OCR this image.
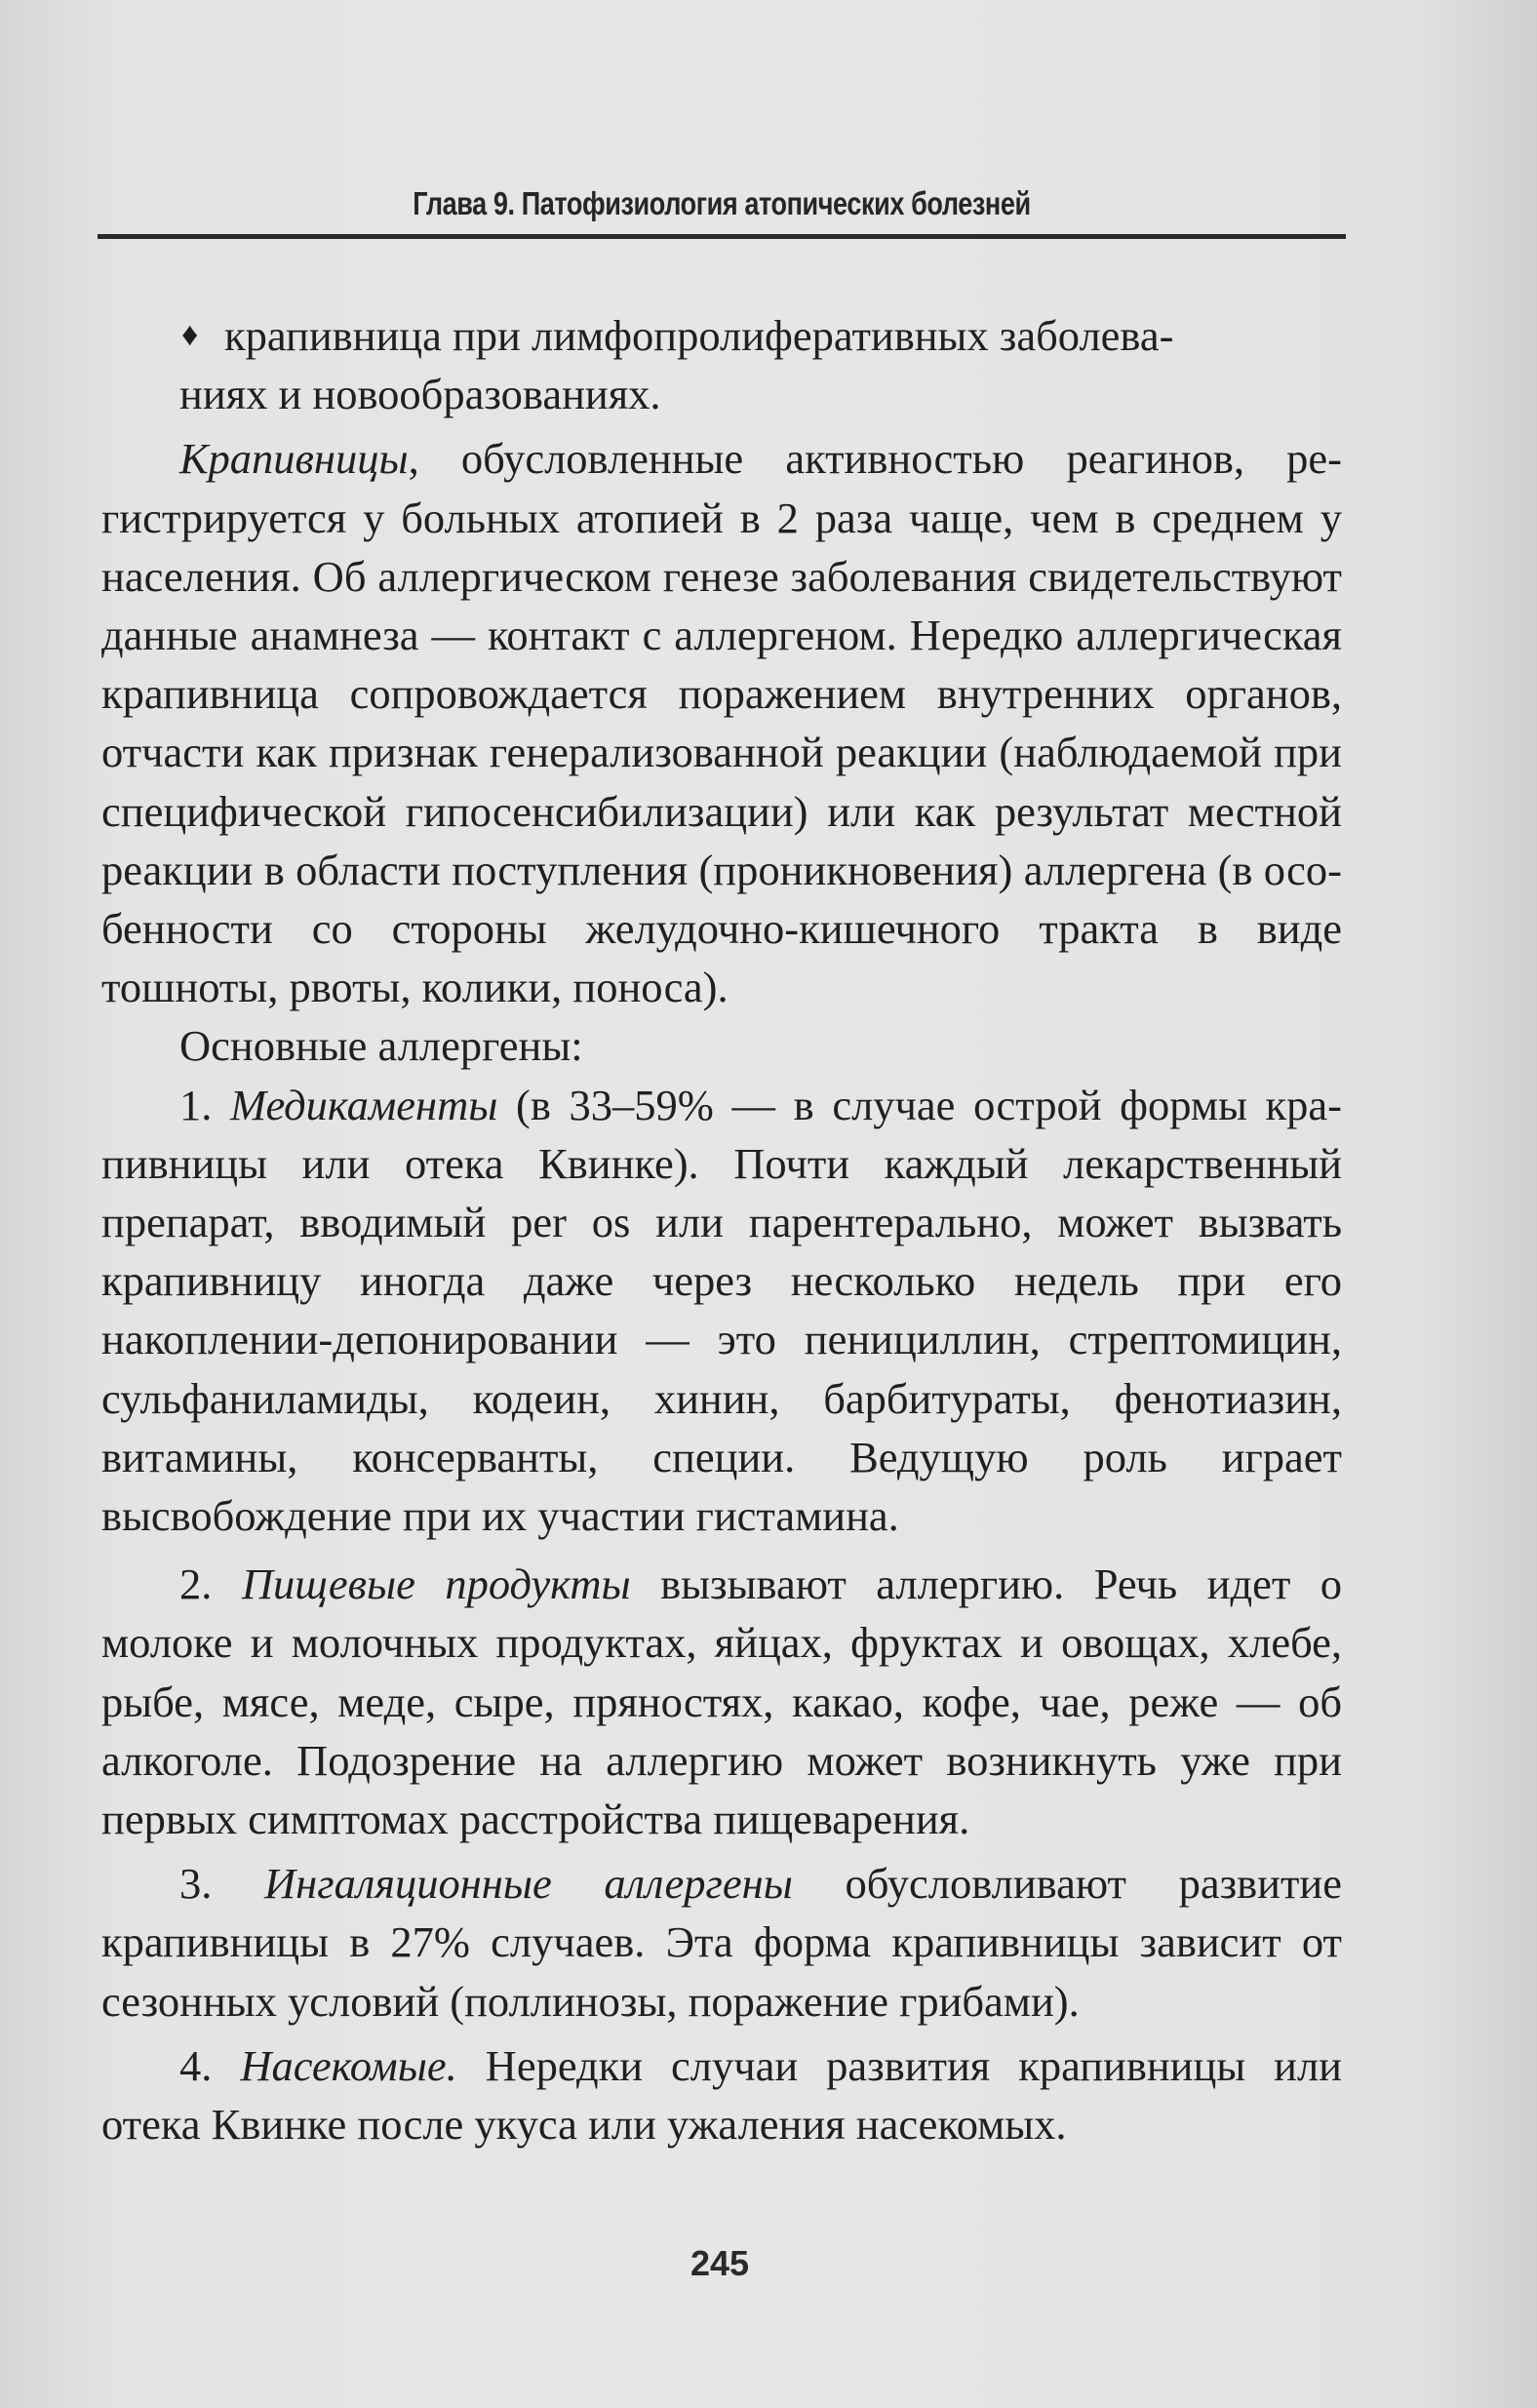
Глава 9. Патофизиология атопических болезней

♦ крапивница при лимфопролиферативных заболева-
ниях и новообразованиях.

Крапивницы, обусловленные активностью реагинов, регистрируется у больных атопией в 2 раза чаще, чем в среднем у населения. Об аллергическом генезе заболевания свидетельствуют данные анамнеза — контакт с аллергеном. Нередко аллергическая крапивница сопровождается поражением внутренних органов, отчасти как признак генерализованной реакции (наблюдаемой при специфической гипосенсибилизации) или как результат местной реакции в области поступления (проникновения) аллергена (в особенности со стороны желудочно-кишечного тракта в виде тошноты, рвоты, колики, поноса).

Основные аллергены:

1. Медикаменты (в 33–59% — в случае острой формы крапивницы или отека Квинке). Почти каждый лекарственный препарат, вводимый per os или парентерально, может вызвать крапивницу иногда даже через несколько недель при его накоплении-депонировании — это пенициллин, стрептомицин, сульфаниламиды, кодеин, хинин, барбитураты, фенотиазин, витамины, консерванты, специи. Ведущую роль играет высвобождение при их участии гистамина.

2. Пищевые продукты вызывают аллергию. Речь идет о молоке и молочных продуктах, яйцах, фруктах и овощах, хлебе, рыбе, мясе, меде, сыре, пряностях, какао, кофе, чае, реже — об алкоголе. Подозрение на аллергию может возникнуть уже при первых симптомах расстройства пищеварения.

3. Ингаляционные аллергены обусловливают развитие крапивницы в 27% случаев. Эта форма крапивницы зависит от сезонных условий (поллинозы, поражение грибами).

4. Насекомые. Нередки случаи развития крапивницы или отека Квинке после укуса или ужаления насекомых.

245
